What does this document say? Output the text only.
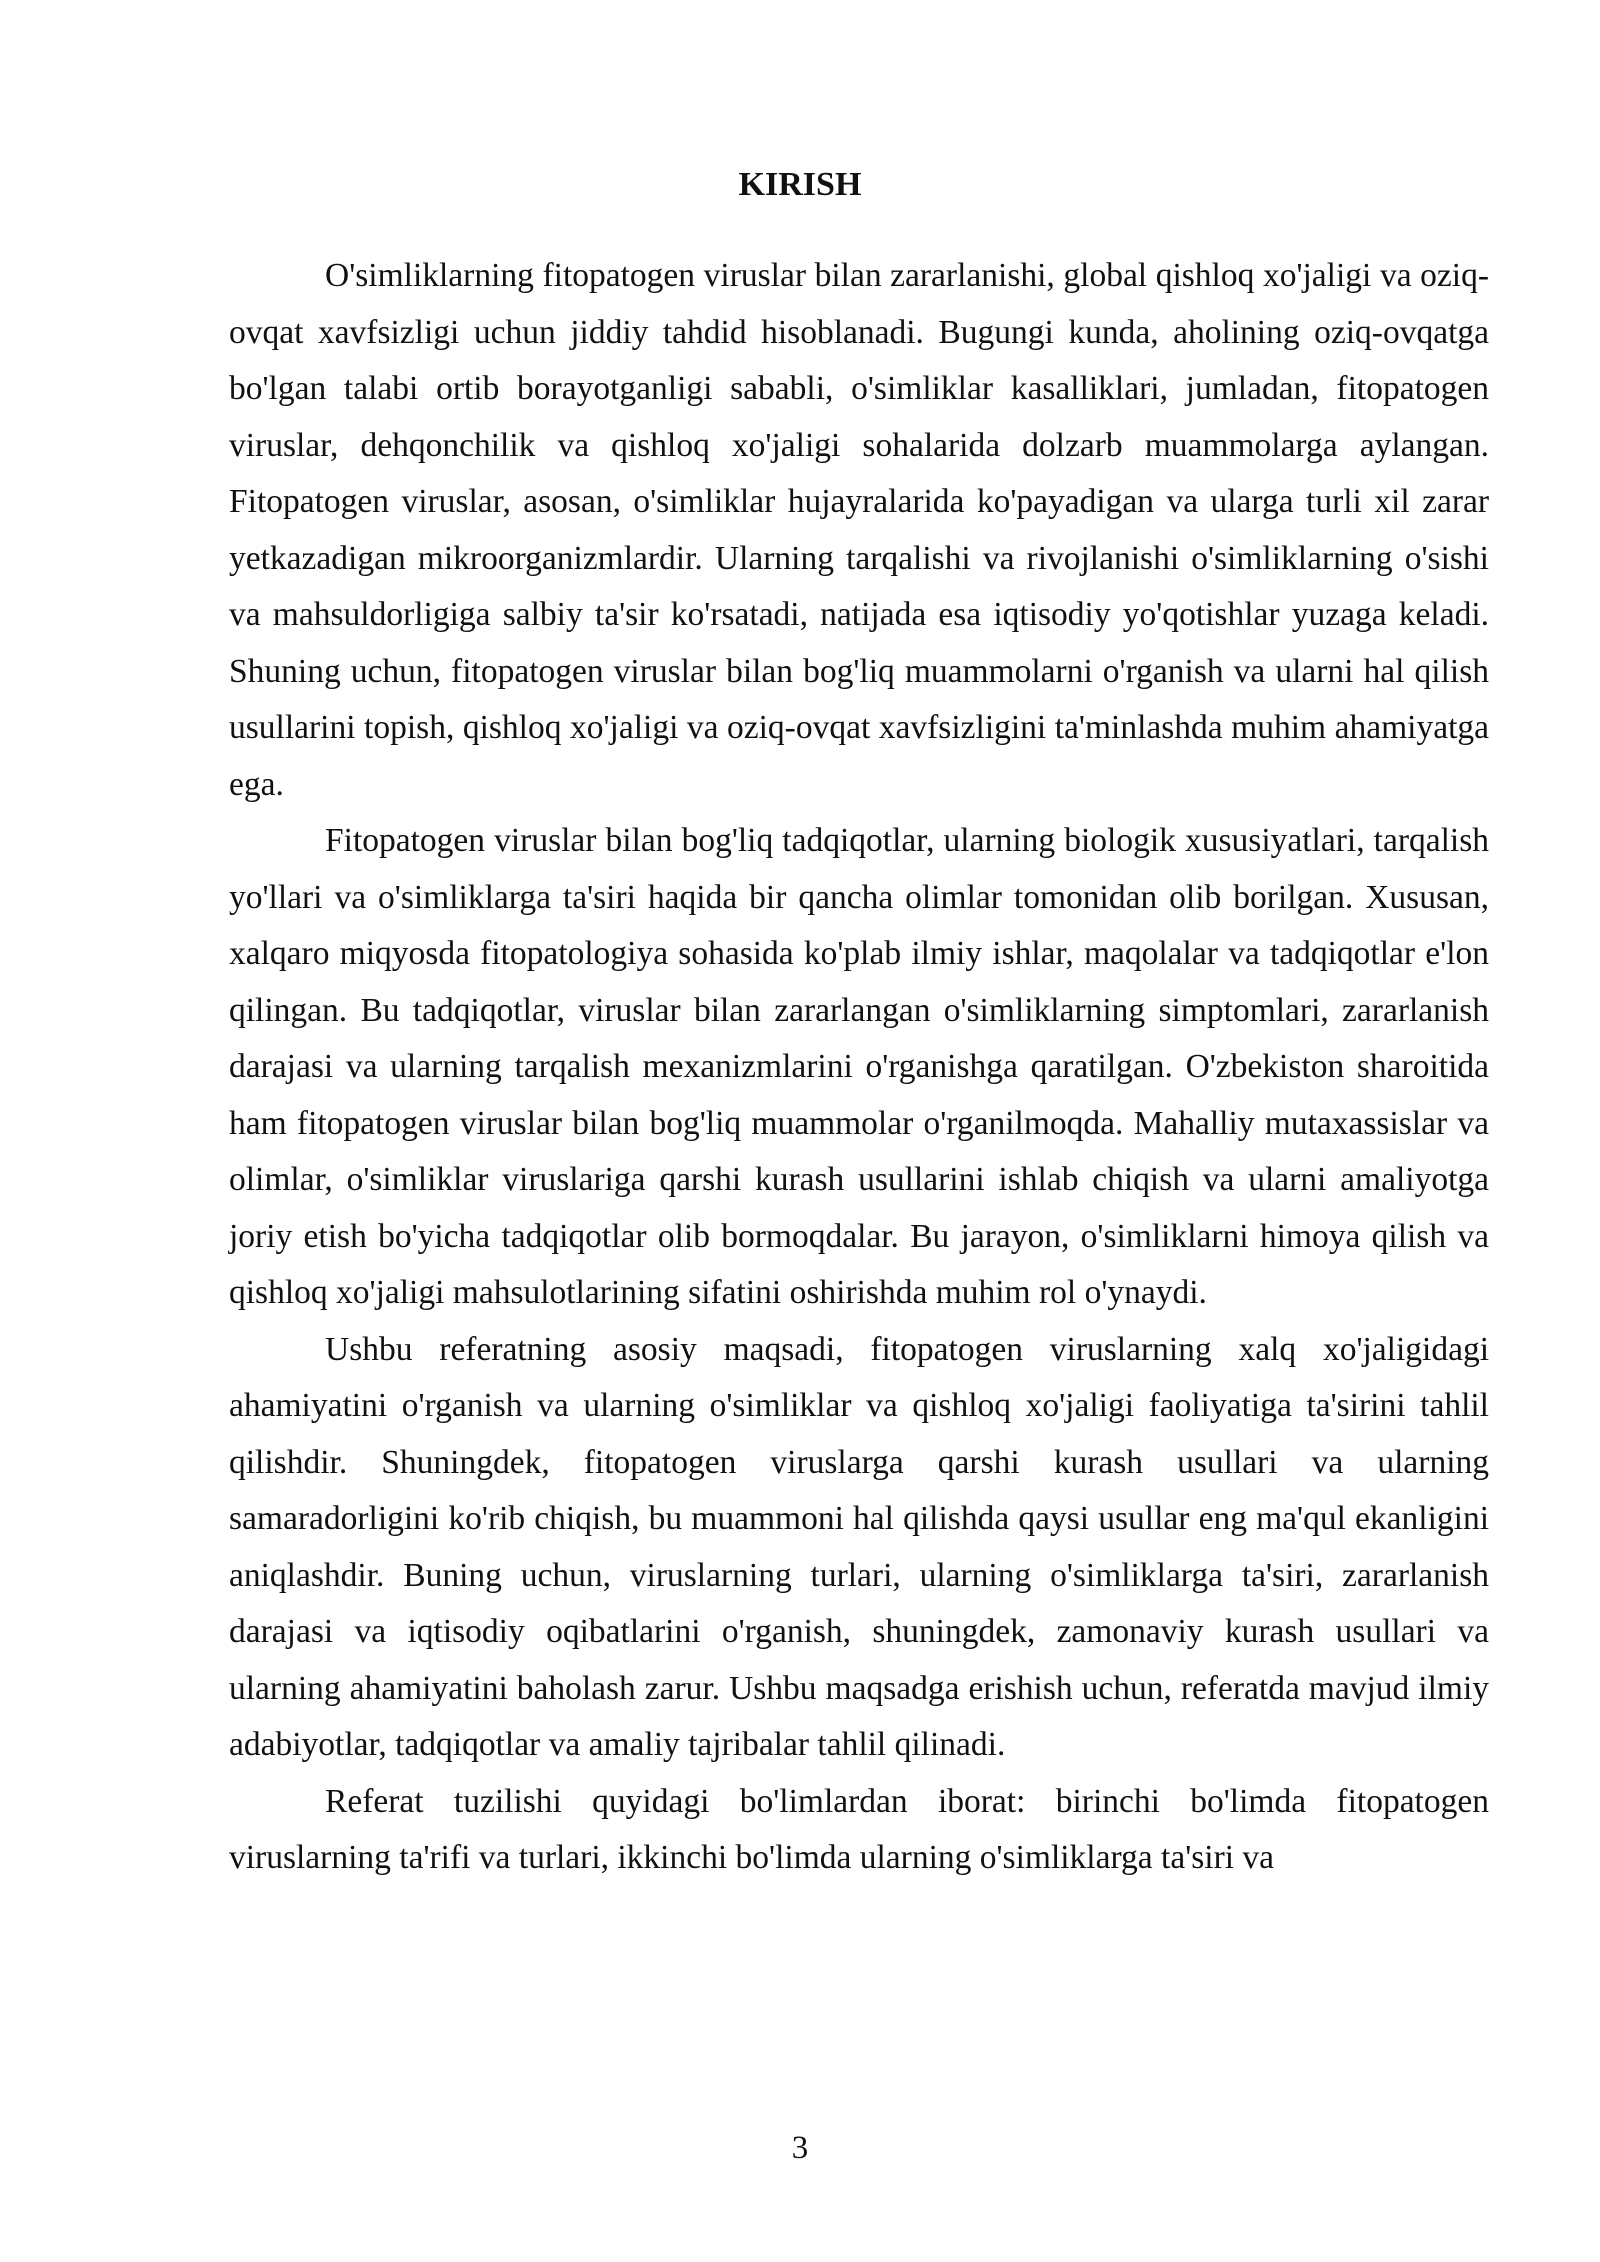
KIRISH

O'simliklarning fitopatogen viruslar bilan zararlanishi, global qishloq xo'jaligi va oziq-ovqat xavfsizligi uchun jiddiy tahdid hisoblanadi. Bugungi kunda, aholining oziq-ovqatga bo'lgan talabi ortib borayotganligi sababli, o'simliklar kasalliklari, jumladan, fitopatogen viruslar, dehqonchilik va qishloq xo'jaligi sohalarida dolzarb muammolarga aylangan. Fitopatogen viruslar, asosan, o'simliklar hujayralarida ko'payadigan va ularga turli xil zarar yetkazadigan mikroorganizmlardir. Ularning tarqalishi va rivojlanishi o'simliklarning o'sishi va mahsuldorligiga salbiy ta'sir ko'rsatadi, natijada esa iqtisodiy yo'qotishlar yuzaga keladi. Shuning uchun, fitopatogen viruslar bilan bog'liq muammolarni o'rganish va ularni hal qilish usullarini topish, qishloq xo'jaligi va oziq-ovqat xavfsizligini ta'minlashda muhim ahamiyatga ega.

Fitopatogen viruslar bilan bog'liq tadqiqotlar, ularning biologik xususiyatlari, tarqalish yo'llari va o'simliklarga ta'siri haqida bir qancha olimlar tomonidan olib borilgan. Xususan, xalqaro miqyosda fitopatologiya sohasida ko'plab ilmiy ishlar, maqolalar va tadqiqotlar e'lon qilingan. Bu tadqiqotlar, viruslar bilan zararlangan o'simliklarning simptomlari, zararlanish darajasi va ularning tarqalish mexanizmlarini o'rganishga qaratilgan. O'zbekiston sharoitida ham fitopatogen viruslar bilan bog'liq muammolar o'rganilmoqda. Mahalliy mutaxassislar va olimlar, o'simliklar viruslariga qarshi kurash usullarini ishlab chiqish va ularni amaliyotga joriy etish bo'yicha tadqiqotlar olib bormoqdalar. Bu jarayon, o'simliklarni himoya qilish va qishloq xo'jaligi mahsulotlarining sifatini oshirishda muhim rol o'ynaydi.

Ushbu referatning asosiy maqsadi, fitopatogen viruslarning xalq xo'jaligidagi ahamiyatini o'rganish va ularning o'simliklar va qishloq xo'jaligi faoliyatiga ta'sirini tahlil qilishdir. Shuningdek, fitopatogen viruslarga qarshi kurash usullari va ularning samaradorligini ko'rib chiqish, bu muammoni hal qilishda qaysi usullar eng ma'qul ekanligini aniqlashdir. Buning uchun, viruslarning turlari, ularning o'simliklarga ta'siri, zararlanish darajasi va iqtisodiy oqibatlarini o'rganish, shuningdek, zamonaviy kurash usullari va ularning ahamiyatini baholash zarur. Ushbu maqsadga erishish uchun, referatda mavjud ilmiy adabiyotlar, tadqiqotlar va amaliy tajribalar tahlil qilinadi.

Referat tuzilishi quyidagi bo'limlardan iborat: birinchi bo'limda fitopatogen viruslarning ta'rifi va turlari, ikkinchi bo'limda ularning o'simliklarga ta'siri va

3
